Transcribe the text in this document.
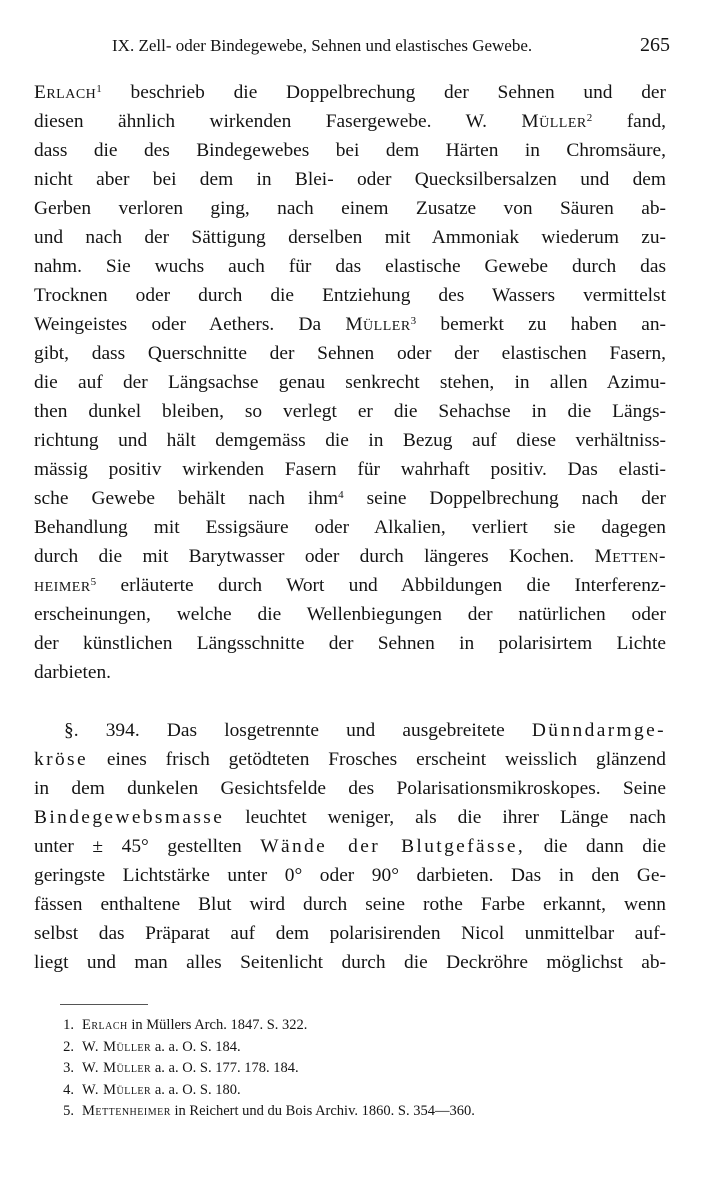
IX. Zell- oder Bindegewebe, Sehnen und elastisches Gewebe.	265
Erlach$^1$ beschrieb die Doppelbrechung der Sehnen und der
diesen ähnlich wirkenden Fasergewebe. W. Müller$^2$ fand,
dass die des Bindegewebes bei dem Härten in Chromsäure,
nicht aber bei dem in Blei- oder Quecksilbersalzen und dem
Gerben verloren ging, nach einem Zusatze von Säuren ab-
und nach der Sättigung derselben mit Ammoniak wiederum zu-
nahm. Sie wuchs auch für das elastische Gewebe durch das
Trocknen oder durch die Entziehung des Wassers vermittelst
Weingeistes oder Aethers. Da Müller$^3$ bemerkt zu haben an-
gibt, dass Querschnitte der Sehnen oder der elastischen Fasern,
die auf der Längsachse genau senkrecht stehen, in allen Azimu-
then dunkel bleiben, so verlegt er die Sehachse in die Längs-
richtung und hält demgemäss die in Bezug auf diese verhältniss-
mässig positiv wirkenden Fasern für wahrhaft positiv. Das elasti-
sche Gewebe behält nach ihm$^4$ seine Doppelbrechung nach der
Behandlung mit Essigsäure oder Alkalien, verliert sie dagegen
durch die mit Barytwasser oder durch längeres Kochen. Metten-
heimer$^5$ erläuterte durch Wort und Abbildungen die Interferenz-
erscheinungen, welche die Wellenbiegungen der natürlichen oder
der künstlichen Längsschnitte der Sehnen in polarisirtem Lichte
darbieten.
§. 394. Das losgetrennte und ausgebreitete Dünndarmge-
kröse eines frisch getödteten Frosches erscheint weisslich glänzend
in dem dunkelen Gesichtsfelde des Polarisationsmikroskopes. Seine
Bindegewebsmasse leuchtet weniger, als die ihrer Länge nach
unter ± 45° gestellten Wände der Blutgefässe, die dann die
geringste Lichtstärke unter 0° oder 90° darbieten. Das in den Ge-
fässen enthaltene Blut wird durch seine rothe Farbe erkannt, wenn
selbst das Präparat auf dem polarisirenden Nicol unmittelbar auf-
liegt und man alles Seitenlicht durch die Deckröhre möglichst ab-
1. Erlach in Müllers Arch. 1847. S. 322.
2. W. Müller a. a. O. S. 184.
3. W. Müller a. a. O. S. 177. 178. 184.
4. W. Müller a. a. O. S. 180.
5. Mettenheimer in Reichert und du Bois Archiv. 1860. S. 354—360.
